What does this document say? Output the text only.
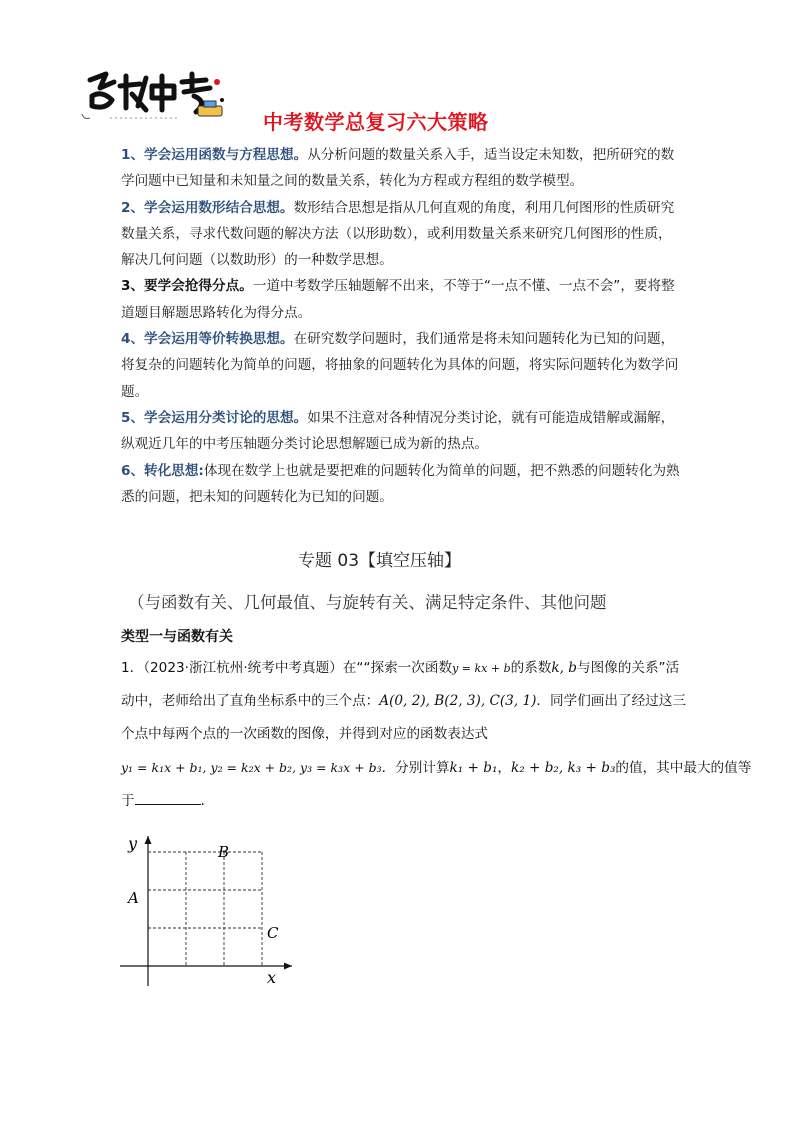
中考数学总复习六大策略

1、学会运用函数与方程思想。从分析问题的数量关系入手，适当设定未知数，把所研究的数学问题中已知量和未知量之间的数量关系，转化为方程或方程组的数学模型。

2、学会运用数形结合思想。数形结合思想是指从几何直观的角度，利用几何图形的性质研究数量关系，寻求代数问题的解决方法（以形助数），或利用数量关系来研究几何图形的性质，解决几何问题（以数助形）的一种数学思想。

3、要学会抢得分点。一道中考数学压轴题解不出来，不等于“一点不懂、一点不会”，要将整道题目解题思路转化为得分点。

4、学会运用等价转换思想。在研究数学问题时，我们通常是将未知问题转化为已知的问题，将复杂的问题转化为简单的问题，将抽象的问题转化为具体的问题，将实际问题转化为数学问题。

5、学会运用分类讨论的思想。如果不注意对各种情况分类讨论，就有可能造成错解或漏解，纵观近几年的中考压轴题分类讨论思想解题已成为新的热点。

6、转化思想:体现在数学上也就是要把难的问题转化为简单的问题，把不熟悉的问题转化为熟悉的问题，把未知的问题转化为已知的问题。

专题 03【填空压轴】
（与函数有关、几何最值、与旋转有关、满足特定条件、其他问题
类型一与函数有关

1．（2023·浙江杭州·统考中考真题）在““探索一次函数y = kx + b的系数k, b与图像的关系”活

动中，老师给出了直角坐标系中的三个点：A(0, 2), B(2, 3), C(3, 1)．同学们画出了经过这三

个点中每两个点的一次函数的图像，并得到对应的函数表达式

y₁ = k₁x + b₁, y₂ = k₂x + b₂, y₃ = k₃x + b₃．分别计算k₁ + b₁，k₂ + b₂, k₃ + b₃的值，其中最大的值等

于	．

y
x
A
B
C
